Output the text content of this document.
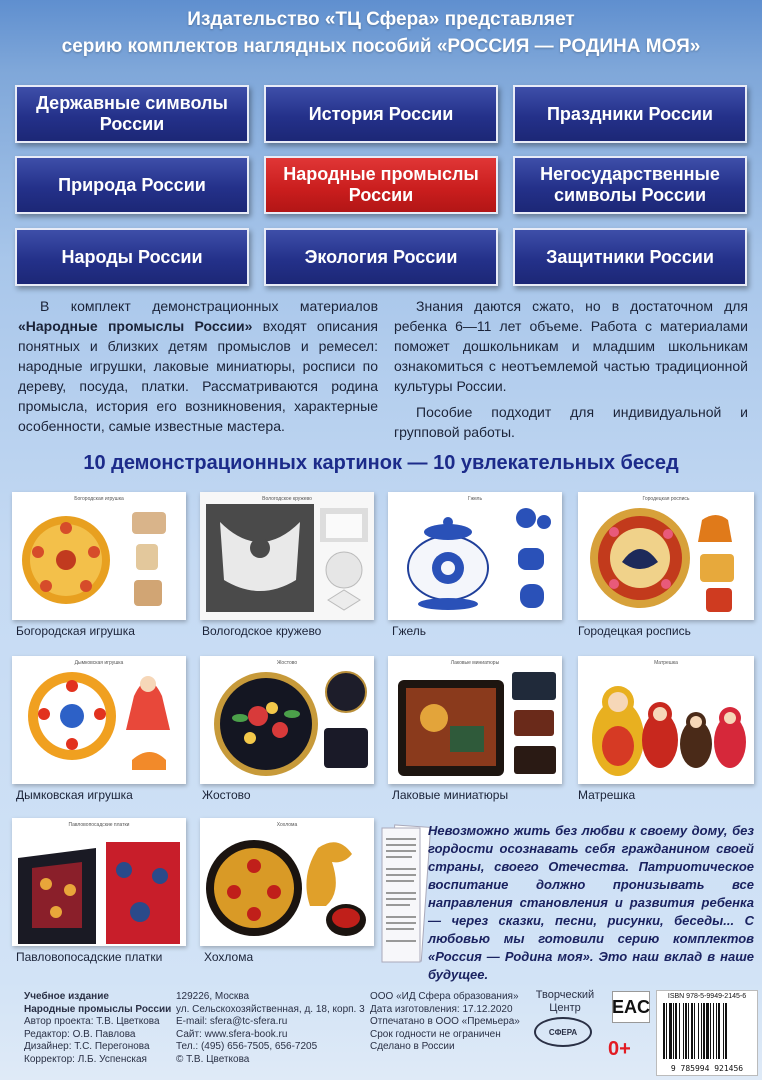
Издательство «ТЦ Сфера» представляет
серию комплектов наглядных пособий «РОССИЯ — РОДИНА МОЯ»
Державные символы России
История России	Праздники России
Природа России
Народные промыслы России
Негосударственные символы России
Народы России	Экология России	Защитники России

В комплект демонстрационных материалов «Народные промыслы России» входят описания понятных и близких детям промыслов и ремесел: народные игрушки, лаковые миниатюры, росписи по дереву, посуда, платки. Рассматриваются родина промысла, история его возникновения, характерные особенности, самые известные мастера.

Знания даются сжато, но в достаточном для ребенка 6—11 лет объеме. Работа с материалами поможет дошкольникам и младшим школьникам ознакомиться с неотъемлемой частью традиционной культуры России.

Пособие подходит для индивидуальной и групповой работы.

10 демонстрационных картинок — 10 увлекательных бесед
Богородская игрушка
Богородская игрушка
Вологодское кружево
Вологодское кружево
Гжель
Гжель
Городецкая роспись
Городецкая роспись
Дымковская игрушка
Дымковская игрушка
Жостово
Жостово
Лаковые миниатюры
Лаковые миниатюры
Матрешка
Матрешка
Павловопосадские платки
Павловопосадские платки
Хохлома
Хохлома
Невозможно жить без любви к своему дому, без гордости осознавать себя гражданином своей страны, своего Отечества. Патриотическое воспитание должно пронизывать все направления становления и развития ребенка — через сказки, песни, рисунки, беседы... С любовью мы готовили серию комплектов «Россия — Родина моя». Это наш вклад в наше будущее.
Учебное издание
Народные промыслы России
Автор проекта: Т.В. Цветкова
Редактор: О.В. Павлова
Дизайнер: Т.С. Перегонова
Корректор: Л.Б. Успенская
129226, Москва
ул. Сельскохозяйственная, д. 18, корп. 3
E-mail: sfera@tc-sfera.ru
Сайт: www.sfera-book.ru
Тел.: (495) 656-7505, 656-7205
© Т.В. Цветкова
ООО «ИД Сфера образования»
Дата изготовления: 17.12.2020
Отпечатано в ООО «Премьера»
Срок годности не ограничен
Сделано в России
Творческий
Центр
СФЕРА
EAC
0+
ISBN 978-5-9949-2145-6
9 785994 921456
